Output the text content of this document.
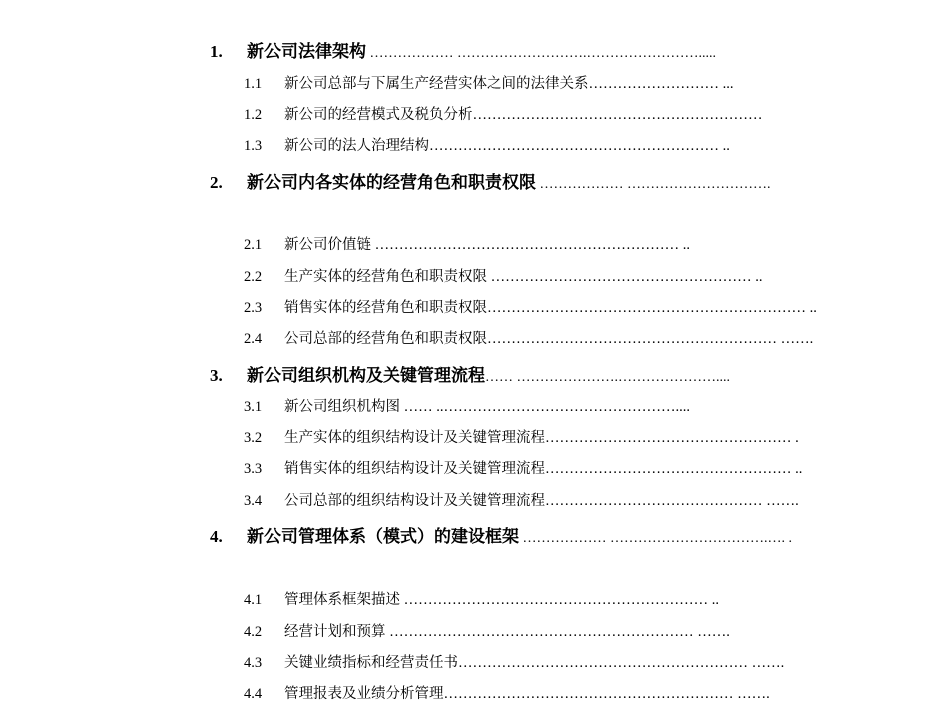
1. 新公司法律架构 ……………… ……………………….…………………….....
1.1 新公司总部与下属生产经营实体之间的法律关系……………………… ...
1.2 新公司的经营模式及税负分析……………………………………………………
1.3 新公司的法人治理结构…………………………………………………… ..
2. 新公司内各实体的经营角色和职责权限 ……………… ………………………….
2.1 新公司价值链 ……………………………………………………… ..
2.2 生产实体的经营角色和职责权限 ……………………………………………… ..
2.3 销售实体的经营角色和职责权限………………………………………………………… ..
2.4 公司总部的经营角色和职责权限…………………………………………………… …….
3. 新公司组织机构及关键管理流程…… ………………….…………………....
3.1 新公司组织机构图 …… ..…………………………………………....
3.2 生产实体的组织结构设计及关键管理流程…………………………………………… .
3.3 销售实体的组织结构设计及关键管理流程…………………………………………… ..
3.4 公司总部的组织结构设计及关键管理流程……………………………………… …….
4. 新公司管理体系（模式）的建设框架 ……………… …………………………….…. .
4.1 管理体系框架描述 ……………………………………………………… ..
4.2 经营计划和预算 ……………………………………………………… …….
4.3 关键业绩指标和经营责任书…………………………………………………… …….
4.4 管理报表及业绩分析管理…………………………………………………… …….
